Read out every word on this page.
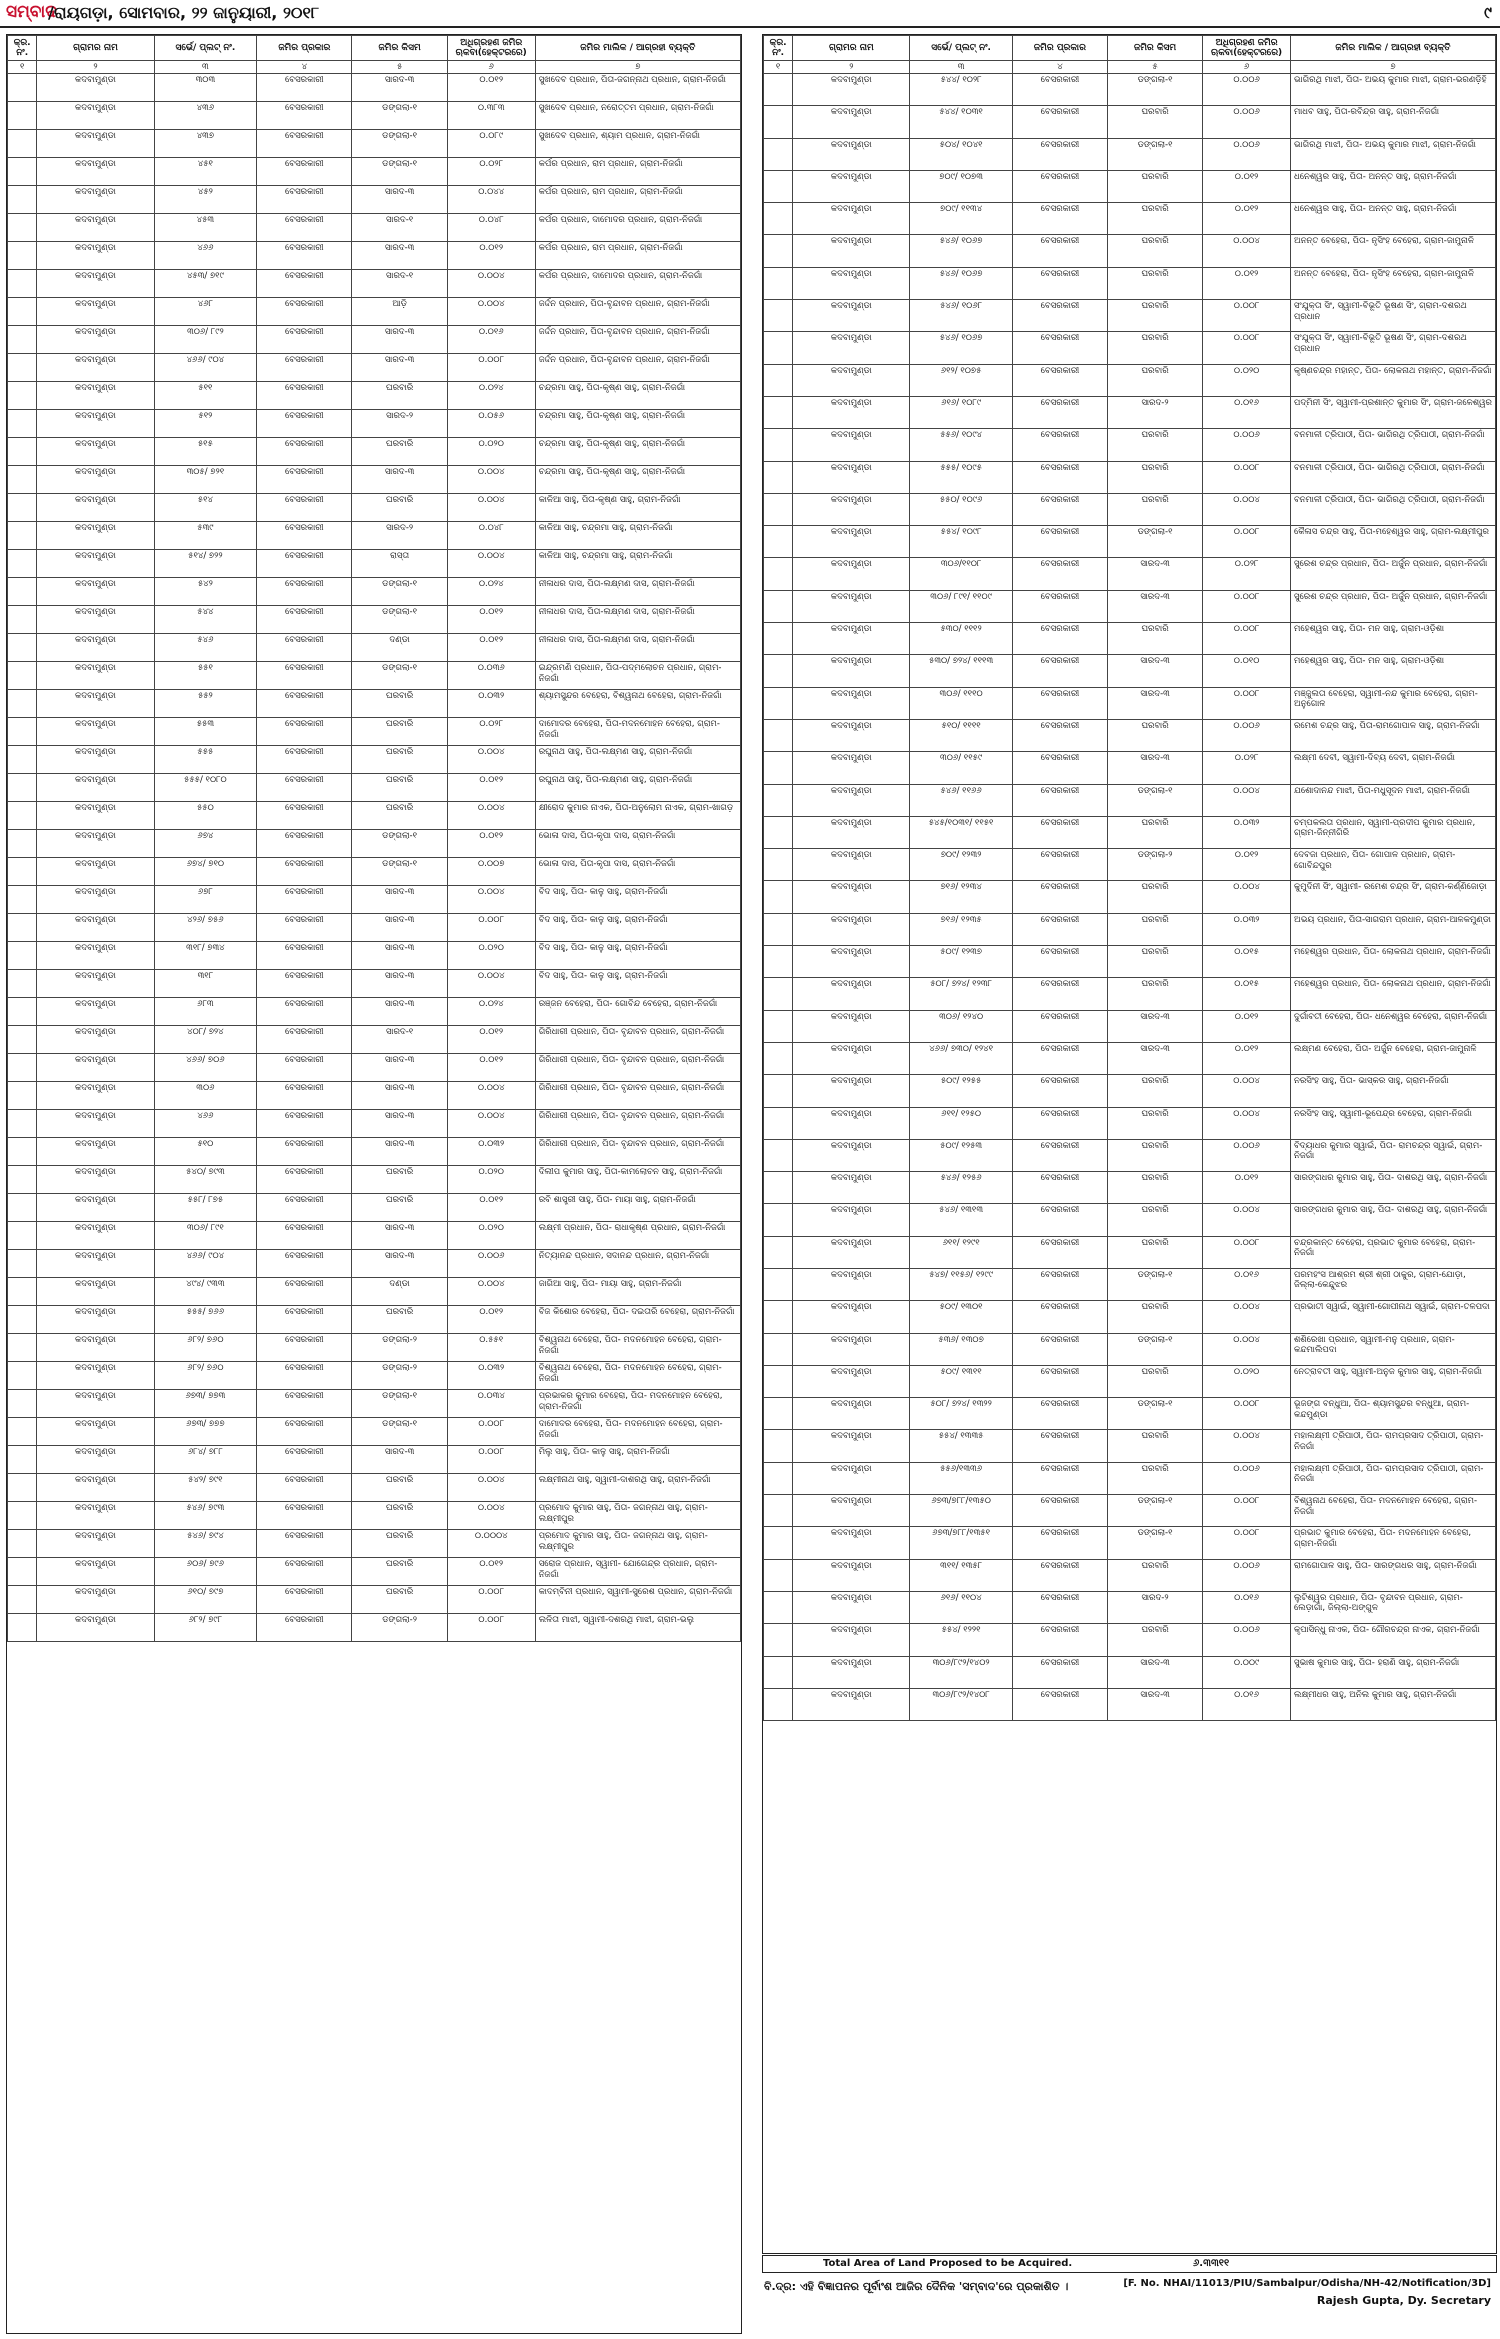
ସମ୍ବାଦ
/ରାୟଗଡ଼ା, ସୋମବାର, ୨୨ ଜାନୁୟାରୀ, ୨୦୧୮	୯
କ୍ର. ନଂ.	ଗ୍ରାମର ନାମ	ସର୍ଭେ/ ପ୍ଲଟ୍ ନଂ.	ଜମିର ପ୍ରକାର	ଜମିର କିସମ	ଅଧିଗ୍ରହଣ ଜମିର ଋକବା(ହେକ୍ଟରରେ)	ଜମିର ମାଲିକ / ଆଗ୍ରହୀ ବ୍ୟକ୍ତି
୧	୨	୩	୪	୫	୬	୭
	କଦବାମୁଣ୍ଡା	୩୦୩	ବେସରକାରୀ	ସାରଦ-୩	୦.୦୧୨	ସୁଖଦେବ ପ୍ରଧାନ, ପିତା-ଜଗନ୍ନାଥ ପ୍ରଧାନ, ଗ୍ରାମ-ନିଜଗାଁ
	କଦବାମୁଣ୍ଡା	୪୩୬	ବେସରକାରୀ	ଡଙ୍ଗଲା-୧	୦.୩୮୩	ସୁଖଦେବ ପ୍ରଧାନ, ନରୋତ୍ତମ ପ୍ରଧାନ, ଗ୍ରାମ-ନିଜଗାଁ
	କଦବାମୁଣ୍ଡା	୪୩୭	ବେସରକାରୀ	ଡଙ୍ଗଲା-୧	୦.୦୮୯	ସୁଖଦେବ ପ୍ରଧାନ, ଶ୍ୟାମ ପ୍ରଧାନ, ଗ୍ରାମ-ନିଜଗାଁ
	କଦବାମୁଣ୍ଡା	୪୫୧	ବେସରକାରୀ	ଡଙ୍ଗଲା-୧	୦.୦୨୮	କର୍ପର ପ୍ରଧାନ, ରାମ ପ୍ରଧାନ, ଗ୍ରାମ-ନିଜଗାଁ
	କଦବାମୁଣ୍ଡା	୪୫୨	ବେସରକାରୀ	ସାରଦ-୩	୦.୦୪୪	କର୍ପର ପ୍ରଧାନ, ରାମ ପ୍ରଧାନ, ଗ୍ରାମ-ନିଜଗାଁ
	କଦବାମୁଣ୍ଡା	୪୫୩	ବେସରକାରୀ	ସାରଦ-୧	୦.୦୪୮	କର୍ପର ପ୍ରଧାନ, ଦାମୋଦର ପ୍ରଧାନ, ଗ୍ରାମ-ନିଜଗାଁ
	କଦବାମୁଣ୍ଡା	୪୬୬	ବେସରକାରୀ	ସାରଦ-୩	୦.୦୧୨	କର୍ପର ପ୍ରଧାନ, ରାମ ପ୍ରଧାନ, ଗ୍ରାମ-ନିଜଗାଁ
	କଦବାମୁଣ୍ଡା	୪୫୩/ ୭୧୯	ବେସରକାରୀ	ସାରଦ-୧	୦.୦୦୪	କର୍ପର ପ୍ରଧାନ, ଦାମୋଦର ପ୍ରଧାନ, ଗ୍ରାମ-ନିଜଗାଁ
	କଦବାମୁଣ୍ଡା	୪୬୮	ବେସରକାରୀ	ଆଡ଼ି	୦.୦୦୪	ଜର୍ଦ୍ଦନ ପ୍ରଧାନ, ପିତା-ବୃନ୍ଦାବନ ପ୍ରଧାନ, ଗ୍ରାମ-ନିଜଗାଁ
	କଦବାମୁଣ୍ଡା	୩୦୬/ ୮୯୨	ବେସରକାରୀ	ସାରଦ-୩	୦.୦୧୬	ଜର୍ଦ୍ଦନ ପ୍ରଧାନ, ପିତା-ବୃନ୍ଦାବନ ପ୍ରଧାନ, ଗ୍ରାମ-ନିଜଗାଁ
	କଦବାମୁଣ୍ଡା	୪୬୬/ ୯୦୪	ବେସରକାରୀ	ସାରଦ-୩	୦.୦୦୮	ଜର୍ଦ୍ଦନ ପ୍ରଧାନ, ପିତା-ବୃନ୍ଦାବନ ପ୍ରଧାନ, ଗ୍ରାମ-ନିଜଗାଁ
	କଦବାମୁଣ୍ଡା	୫୧୧	ବେସରକାରୀ	ଘରବାରି	୦.୦୨୪	ଚନ୍ଦ୍ରମା ସାହୁ, ପିତା-କୃଷ୍ଣ ସାହୁ, ଗ୍ରାମ-ନିଜଗାଁ
	କଦବାମୁଣ୍ଡା	୫୧୨	ବେସରକାରୀ	ସାରଦ-୨	୦.୦୫୬	ଚନ୍ଦ୍ରମା ସାହୁ, ପିତା-କୃଷ୍ଣ ସାହୁ, ଗ୍ରାମ-ନିଜଗାଁ
	କଦବାମୁଣ୍ଡା	୫୧୫	ବେସରକାରୀ	ଘରବାରି	୦.୦୨୦	ଚନ୍ଦ୍ରମା ସାହୁ, ପିତା-କୃଷ୍ଣ ସାହୁ, ଗ୍ରାମ-ନିଜଗାଁ
	କଦବାମୁଣ୍ଡା	୩୦୫/ ୭୨୧	ବେସରକାରୀ	ସାରଦ-୩	୦.୦୦୪	ଚନ୍ଦ୍ରମା ସାହୁ, ପିତା-କୃଷ୍ଣ ସାହୁ, ଗ୍ରାମ-ନିଜଗାଁ
	କଦବାମୁଣ୍ଡା	୫୧୪	ବେସରକାରୀ	ଘରବାରି	୦.୦୦୪	କାଳିଆ ସାହୁ, ପିତା-କୃଷ୍ଣ ସାହୁ, ଗ୍ରାମ-ନିଜଗାଁ
	କଦବାମୁଣ୍ଡା	୫୩୯	ବେସରକାରୀ	ସାରଦ-୨	୦.୦୪୮	କାଳିଆ ସାହୁ, ଚନ୍ଦ୍ରମା ସାହୁ, ଗ୍ରାମ-ନିଜଗାଁ
	କଦବାମୁଣ୍ଡା	୫୧୪/ ୭୨୨	ବେସରକାରୀ	ରାସ୍ତା	୦.୦୦୪	କାଳିଆ ସାହୁ, ଚନ୍ଦ୍ରମା ସାହୁ, ଗ୍ରାମ-ନିଜଗାଁ
	କଦବାମୁଣ୍ଡା	୫୪୨	ବେସରକାରୀ	ଡଙ୍ଗଲା-୧	୦.୦୨୪	ନୀଳାଧର ଦାସ, ପିତା-ଲକ୍ଷ୍ମଣ ଦାସ, ଗ୍ରାମ-ନିଜଗାଁ
	କଦବାମୁଣ୍ଡା	୫୪୪	ବେସରକାରୀ	ଡଙ୍ଗଲା-୧	୦.୦୧୨	ନୀଳାଧର ଦାସ, ପିତା-ଲକ୍ଷ୍ମଣ ଦାସ, ଗ୍ରାମ-ନିଜଗାଁ
	କଦବାମୁଣ୍ଡା	୫୪୬	ବେସରକାରୀ	ଦଣ୍ଡା	୦.୦୧୨	ନୀଳାଧର ଦାସ, ପିତା-ଲକ୍ଷ୍ମଣ ଦାସ, ଗ୍ରାମ-ନିଜଗାଁ
	କଦବାମୁଣ୍ଡା	୫୫୧	ବେସରକାରୀ	ଡଙ୍ଗଲା-୧	୦.୦୩୬	ଇନ୍ଦ୍ରମଣି ପ୍ରଧାନ, ପିତା-ପଦ୍ମଲୋଚନ ପ୍ରଧାନ, ଗ୍ରାମ-ନିଜଗାଁ
	କଦବାମୁଣ୍ଡା	୫୫୨	ବେସରକାରୀ	ଘରବାରି	୦.୦୩୨	ଶ୍ୟାମସୁନ୍ଦର ବେହେରା, ବିଶ୍ୱନାଥ ବେହେରା, ଗ୍ରାମ-ନିଜଗାଁ
	କଦବାମୁଣ୍ଡା	୫୫୩	ବେସରକାରୀ	ଘରବାରି	୦.୦୨୮	ଦାମୋଦର ବେହେରା, ପିତା-ମଦନମୋହନ ବେହେରା, ଗ୍ରାମ-ନିଜଗାଁ
	କଦବାମୁଣ୍ଡା	୫୫୫	ବେସରକାରୀ	ଘରବାରି	୦.୦୦୪	ରଘୁନାଥ ସାହୁ, ପିତା-ଲକ୍ଷ୍ମଣ ସାହୁ, ଗ୍ରାମ-ନିଜଗାଁ
	କଦବାମୁଣ୍ଡା	୫୫୫/ ୧୦୮୦	ବେସରକାରୀ	ଘରବାରି	୦.୦୧୨	ରଘୁନାଥ ସାହୁ, ପିତା-ଲକ୍ଷ୍ମଣ ସାହୁ, ଗ୍ରାମ-ନିଜଗାଁ
	କଦବାମୁଣ୍ଡା	୫୫୦	ବେସରକାରୀ	ଘରବାରି	୦.୦୦୪	କ୍ଷୀରୋଦ କୁମାର ନାଏକ, ପିତା-ଅନୁଲୋମ ନାଏକ, ଗ୍ରାମ-ଖାଗଡ଼
	କଦବାମୁଣ୍ଡା	୬୭୪	ବେସରକାରୀ	ଡଙ୍ଗଲା-୧	୦.୦୧୨	ଭୋଳା ଦାସ, ପିତା-କୃପା ଦାସ, ଗ୍ରାମ-ନିଜଗାଁ
	କଦବାମୁଣ୍ଡା	୬୭୪/ ୭୧୦	ବେସରକାରୀ	ଡଙ୍ଗଲା-୧	୦.୦୦୭	ଭୋଳା ଦାସ, ପିତା-କୃପା ଦାସ, ଗ୍ରାମ-ନିଜଗାଁ
	କଦବାମୁଣ୍ଡା	୬୭୮	ବେସରକାରୀ	ସାରଦ-୩	୦.୦୦୪	ବିଦ ସାହୁ, ପିତା- କାଳୁ ସାହୁ, ଗ୍ରାମ-ନିଜଗାଁ
	କଦବାମୁଣ୍ଡା	୪୨୬/ ୭୫୬	ବେସରକାରୀ	ସାରଦ-୩	୦.୦୦୮	ବିଦ ସାହୁ, ପିତା- କାଳୁ ସାହୁ, ଗ୍ରାମ-ନିଜଗାଁ
	କଦବାମୁଣ୍ଡା	୩୧୮/ ୭୩୪	ବେସରକାରୀ	ସାରଦ-୩	୦.୦୨୦	ବିଦ ସାହୁ, ପିତା- କାଳୁ ସାହୁ, ଗ୍ରାମ-ନିଜଗାଁ
	କଦବାମୁଣ୍ଡା	୩୧୮	ବେସରକାରୀ	ସାରଦ-୩	୦.୦୦୪	ବିଦ ସାହୁ, ପିତା- କାଳୁ ସାହୁ, ଗ୍ରାମ-ନିଜଗାଁ
	କଦବାମୁଣ୍ଡା	୬୮୩	ବେସରକାରୀ	ସାରଦ-୩	୦.୦୨୪	ରଞ୍ଜନ ବେହେରା, ପିତା- ଗୋବିନ୍ଦ ବେହେରା, ଗ୍ରାମ-ନିଜଗାଁ
	କଦବାମୁଣ୍ଡା	୪୦୮/ ୭୨୪	ବେସରକାରୀ	ସାରଦ-୧	୦.୦୧୨	ଗିରିଧାରୀ ପ୍ରଧାନ, ପିତା- ବୃନ୍ଦାବନ ପ୍ରଧାନ, ଗ୍ରାମ-ନିଜଗାଁ
	କଦବାମୁଣ୍ଡା	୪୬୬/ ୭୦୬	ବେସରକାରୀ	ସାରଦ-୩	୦.୦୧୨	ଗିରିଧାରୀ ପ୍ରଧାନ, ପିତା- ବୃନ୍ଦାବନ ପ୍ରଧାନ, ଗ୍ରାମ-ନିଜଗାଁ
	କଦବାମୁଣ୍ଡା	୩୦୬	ବେସରକାରୀ	ସାରଦ-୩	୦.୦୦୪	ଗିରିଧାରୀ ପ୍ରଧାନ, ପିତା- ବୃନ୍ଦାବନ ପ୍ରଧାନ, ଗ୍ରାମ-ନିଜଗାଁ
	କଦବାମୁଣ୍ଡା	୪୬୬	ବେସରକାରୀ	ସାରଦ-୩	୦.୦୦୪	ଗିରିଧାରୀ ପ୍ରଧାନ, ପିତା- ବୃନ୍ଦାବନ ପ୍ରଧାନ, ଗ୍ରାମ-ନିଜଗାଁ
	କଦବାମୁଣ୍ଡା	୫୧୦	ବେସରକାରୀ	ସାରଦ-୩	୦.୦୩୨	ଗିରିଧାରୀ ପ୍ରଧାନ, ପିତା- ବୃନ୍ଦାବନ ପ୍ରଧାନ, ଗ୍ରାମ-ନିଜଗାଁ
	କଦବାମୁଣ୍ଡା	୫୪୦/ ୭୯୩	ବେସରକାରୀ	ଘରବାରି	୦.୦୨୦	ଦିଲୀପ କୁମାର ସାହୁ, ପିତା-କାମଲୋଚନ ସାହୁ, ଗ୍ରାମ-ନିଜଗାଁ
	କଦବାମୁଣ୍ଡା	୫୫୮/ ୮୭୫	ବେସରକାରୀ	ଘରବାରି	୦.୦୧୨	ରବି ଶାସ୍ତ୍ରୀ ସାହୁ, ପିତା- ମାୟା ସାହୁ, ଗ୍ରାମ-ନିଜଗାଁ
	କଦବାମୁଣ୍ଡା	୩୦୬/ ୮୯୧	ବେସରକାରୀ	ସାରଦ-୩	୦.୦୨୦	ଲକ୍ଷ୍ମୀ ପ୍ରଧାନ, ପିତା- ରାଧାକୃଷ୍ଣ ପ୍ରଧାନ, ଗ୍ରାମ-ନିଜଗାଁ
	କଦବାମୁଣ୍ଡା	୪୬୬/ ୯୦୪	ବେସରକାରୀ	ସାରଦ-୩	୦.୦୦୬	ନିତ୍ୟାନନ୍ଦ ପ୍ରଧାନ, ସଦାନନ୍ଦ ପ୍ରଧାନ, ଗ୍ରାମ-ନିଜଗାଁ
	କଦବାମୁଣ୍ଡା	୪୯୪/ ୯୩୩	ବେସରକାରୀ	ଦଣ୍ଡା	୦.୦୦୪	ଜାଗିଆ ସାହୁ, ପିତା- ମାୟା ସାହୁ, ଗ୍ରାମ-ନିଜଗାଁ
	କଦବାମୁଣ୍ଡା	୫୫୫/ ୭୬୬	ବେସରକାରୀ	ଘରବାରି	୦.୦୧୨	ବିଜ କିଶୋର ବେହେରା, ପିତା- ଦଇତାରି ବେହେରା, ଗ୍ରାମ-ନିଜଗାଁ
	କଦବାମୁଣ୍ଡା	୬୮୨/ ୭୬୦	ବେସରକାରୀ	ଡଙ୍ଗଲା-୨	୦.୫୫୧	ବିଶ୍ୱନାଥ ବେହେରା, ପିତା- ମଦନମୋହନ ବେହେରା, ଗ୍ରାମ-ନିଜଗାଁ
	କଦବାମୁଣ୍ଡା	୬୮୨/ ୭୬୦	ବେସରକାରୀ	ଡଙ୍ଗଲା-୨	୦.୦୩୨	ବିଶ୍ୱନାଥ ବେହେରା, ପିତା- ମଦନମୋହନ ବେହେରା, ଗ୍ରାମ-ନିଜଗାଁ
	କଦବାମୁଣ୍ଡା	୬୭୩/ ୭୭୩	ବେସରକାରୀ	ଡଙ୍ଗଲା-୧	୦.୦୩୪	ପ୍ରଭାକର କୁମାର ବେହେରା, ପିତା- ମଦନମୋହନ ବେହେରା, ଗ୍ରାମ-ନିଜଗାଁ
	କଦବାମୁଣ୍ଡା	୬୭୩/ ୭୭୭	ବେସରକାରୀ	ଡଙ୍ଗଲା-୧	୦.୦୦୮	ଦାମୋଦର ବେହେରା, ପିତା- ମଦନମୋହନ ବେହେରା, ଗ୍ରାମ-ନିଜଗାଁ
	କଦବାମୁଣ୍ଡା	୬୮୪/ ୭୮୮	ବେସରକାରୀ	ସାରଦ-୩	୦.୦୦୮	ମିଲୁ ସାହୁ, ପିତା- କାଳୁ ସାହୁ, ଗ୍ରାମ-ନିଜଗାଁ
	କଦବାମୁଣ୍ଡା	୫୪୨/ ୭୯୧	ବେସରକାରୀ	ଘରବାରି	୦.୦୦୪	ଲକ୍ଷ୍ମୀନାଥ ସାହୁ, ସ୍ୱାମୀ-ଦାଶରଥି ସାହୁ, ଗ୍ରାମ-ନିଜଗାଁ
	କଦବାମୁଣ୍ଡା	୫୪୬/ ୭୯୩	ବେସରକାରୀ	ଘରବାରି	୦.୦୦୪	ପ୍ରମୋଦ କୁମାର ସାହୁ, ପିତା- ଜଗନ୍ନାଥ ସାହୁ, ଗ୍ରାମ-ଲକ୍ଷ୍ମୀପୁର
	କଦବାମୁଣ୍ଡା	୫୪୬/ ୭୯୪	ବେସରକାରୀ	ଘରବାରି	୦.୦୦୦୪	ପ୍ରମୋଦ କୁମାର ସାହୁ, ପିତା- ଜଗନ୍ନାଥ ସାହୁ, ଗ୍ରାମ-ଲକ୍ଷ୍ମୀପୁର
	କଦବାମୁଣ୍ଡା	୬୦୬/ ୭୯୬	ବେସରକାରୀ	ଘରବାରି	୦.୦୧୨	ସରୋଜ ପ୍ରଧାନ, ସ୍ୱାମୀ- ଯୋଗେନ୍ଦ୍ର ପ୍ରଧାନ, ଗ୍ରାମ-ନିଜଗାଁ
	କଦବାମୁଣ୍ଡା	୬୧୦/ ୭୯୭	ବେସରକାରୀ	ଘରବାରି	୦.୦୦୮	କାଦମ୍ବିନୀ ପ୍ରଧାନ, ସ୍ୱାମୀ-ସୁରେଶ ପ୍ରଧାନ, ଗ୍ରାମ-ନିଜଗାଁ
	କଦବାମୁଣ୍ଡା	୬୮୨/ ୭୯୮	ବେସରକାରୀ	ଡଙ୍ଗଲା-୨	୦.୦୦୮	ଲଳିତା ମାଝୀ, ସ୍ୱାମୀ-ଦଶରଥି ମାଝୀ, ଗ୍ରାମ-ଭଲୁ
କ୍ର. ନଂ.	ଗ୍ରାମର ନାମ	ସର୍ଭେ/ ପ୍ଲଟ୍ ନଂ.	ଜମିର ପ୍ରକାର	ଜମିର କିସମ	ଅଧିଗ୍ରହଣ ଜମିର ଋକବା(ହେକ୍ଟରରେ)	ଜମିର ମାଲିକ / ଆଗ୍ରହୀ ବ୍ୟକ୍ତି
୧	୨	୩	୪	୫	୬	୭
	କଦବାମୁଣ୍ଡା	୫୪୪/ ୧୦୨୮	ବେସରକାରୀ	ଡଙ୍ଗଲା-୧	୦.୦୦୬	ଭାଗିରଥି ମାଝୀ, ପିତା- ଅଭୟ କୁମାର ମାଝୀ, ଗ୍ରାମ-ଭରଣଡ଼ିହି
	କଦବାମୁଣ୍ଡା	୫୪୪/ ୧୦୩୧	ବେସରକାରୀ	ଘରବାରି	୦.୦୦୬	ମାଧବ ସାହୁ, ପିତା-ରବିନ୍ଦ୍ର ସାହୁ, ଗ୍ରାମ-ନିଜଗାଁ
	କଦବାମୁଣ୍ଡା	୫୦୪/ ୧୦୪୧	ବେସରକାରୀ	ଡଙ୍ଗଲା-୧	୦.୦୦୬	ଭାଗିରଥି ମାଝୀ, ପିତା- ଅଭୟ କୁମାର ମାଝୀ, ଗ୍ରାମ-ନିଜଗାଁ
	କଦବାମୁଣ୍ଡା	୭୦୯/ ୧୦୭୩	ବେସରକାରୀ	ଘରବାରି	୦.୦୧୨	ଧନେଶ୍ୱର ସାହୁ, ପିତା- ଅନନ୍ତ ସାହୁ, ଗ୍ରାମ-ନିଜଗାଁ
	କଦବାମୁଣ୍ଡା	୭୦୯/ ୧୧୩୪	ବେସରକାରୀ	ଘରବାରି	୦.୦୧୨	ଧନେଶ୍ୱର ସାହୁ, ପିତା- ଅନନ୍ତ ସାହୁ, ଗ୍ରାମ-ନିଜଗାଁ
	କଦବାମୁଣ୍ଡା	୫୪୬/ ୧୦୬୭	ବେସରକାରୀ	ଘରବାରି	୦.୦୦୪	ଅନନ୍ତ ବେହେରା, ପିତା- ନୃସିଂହ ବେହେରା, ଗ୍ରାମ-ଜାମୁନାଳି
	କଦବାମୁଣ୍ଡା	୫୪୬/ ୧୦୬୭	ବେସରକାରୀ	ଘରବାରି	୦.୦୧୨	ଅନନ୍ତ ବେହେରା, ପିତା- ନୃସିଂହ ବେହେରା, ଗ୍ରାମ-ଜାମୁନାଳି
	କଦବାମୁଣ୍ଡା	୫୪୬/ ୧୦୬୮	ବେସରକାରୀ	ଘରବାରି	୦.୦୦୮	ସଂଯୁକ୍ତା ସିଂ, ସ୍ୱାମୀ-ବିଭୂତି ଭୂଷଣ ସିଂ, ଗ୍ରାମ-ଦଶରଥ ପ୍ରଧାନ
	କଦବାମୁଣ୍ଡା	୫୪୬/ ୧୦୬୭	ବେସରକାରୀ	ଘରବାରି	୦.୦୦୮	ସଂଯୁକ୍ତା ସିଂ, ସ୍ୱାମୀ-ବିଭୂତି ଭୂଷଣ ସିଂ, ଗ୍ରାମ-ଦଶରଥ ପ୍ରଧାନ
	କଦବାମୁଣ୍ଡା	୬୧୨/ ୧୦୭୫	ବେସରକାରୀ	ଘରବାରି	୦.୦୨୦	କୃଷ୍ଣଚନ୍ଦ୍ର ମହାନ୍ତ, ପିତା- ଲୋକନାଥ ମହାନ୍ତ, ଗ୍ରାମ-ନିଜଗାଁ
	କଦବାମୁଣ୍ଡା	୬୧୬/ ୧୦୮୯	ବେସରକାରୀ	ସାରଦ-୨	୦.୦୧୬	ପଦ୍ମିନୀ ସିଂ, ସ୍ୱାମୀ-ପ୍ରଶାନ୍ତ କୁମାର ସିଂ, ଗ୍ରାମ-ଜଳେଶ୍ୱର
	କଦବାମୁଣ୍ଡା	୫୫୬/ ୧୦୯୪	ବେସରକାରୀ	ଘରବାରି	୦.୦୦୬	ବନମାଳୀ ତ୍ରିପାଠୀ, ପିତା- ଭାଗିରଥି ତ୍ରିପାଠୀ, ଗ୍ରାମ-ନିଜଗାଁ
	କଦବାମୁଣ୍ଡା	୫୫୫/ ୧୦୯୫	ବେସରକାରୀ	ଘରବାରି	୦.୦୦୮	ବନମାଳୀ ତ୍ରିପାଠୀ, ପିତା- ଭାଗିରଥି ତ୍ରିପାଠୀ, ଗ୍ରାମ-ନିଜଗାଁ
	କଦବାମୁଣ୍ଡା	୫୫୦/ ୧୦୯୬	ବେସରକାରୀ	ଘରବାରି	୦.୦୦୪	ବନମାଳୀ ତ୍ରିପାଠୀ, ପିତା- ଭାଗିରଥି ତ୍ରିପାଠୀ, ଗ୍ରାମ-ନିଜଗାଁ
	କଦବାମୁଣ୍ଡା	୫୫୪/ ୧୦୯୮	ବେସରକାରୀ	ଡଙ୍ଗଲା-୧	୦.୦୦୮	କୈଳାସ ଚନ୍ଦ୍ର ସାହୁ, ପିତା-ମହେଶ୍ୱର ସାହୁ, ଗ୍ରାମ-ଲକ୍ଷ୍ମୀପୁର
	କଦବାମୁଣ୍ଡା	୩୦୬/୧୧୦୮	ବେସରକାରୀ	ସାରଦ-୩	୦.୦୨୮	ସୁରେଶ ଚନ୍ଦ୍ର ପ୍ରଧାନ, ପିତା- ଅର୍ଜୁନ ପ୍ରଧାନ, ଗ୍ରାମ-ନିଜଗାଁ
	କଦବାମୁଣ୍ଡା	୩୦୬/ ୮୯୧/ ୧୧୦୯	ବେସରକାରୀ	ସାରଦ-୩	୦.୦୦୮	ସୁରେଶ ଚନ୍ଦ୍ର ପ୍ରଧାନ, ପିତା- ଅର୍ଜୁନ ପ୍ରଧାନ, ଗ୍ରାମ-ନିଜଗାଁ
	କଦବାମୁଣ୍ଡା	୫୩୦/ ୧୧୧୨	ବେସରକାରୀ	ଘରବାରି	୦.୦୦୮	ମହେଶ୍ୱର ସାହୁ, ପିତା- ମନ ସାହୁ, ଗ୍ରାମ-ଓଡ଼ିଶା
	କଦବାମୁଣ୍ଡା	୫୩୦/ ୭୨୪/ ୧୧୧୩	ବେସରକାରୀ	ସାରଦ-୩	୦.୦୧୦	ମହେଶ୍ୱର ସାହୁ, ପିତା- ମନ ସାହୁ, ଗ୍ରାମ-ଓଡ଼ିଶା
	କଦବାମୁଣ୍ଡା	୩୦୬/ ୧୧୧୦	ବେସରକାରୀ	ସାରଦ-୩	୦.୦୦୮	ମଞ୍ଜୁଲତା ବେହେରା, ସ୍ୱାମୀ-ନନ୍ଦ କୁମାର ବେହେରା, ଗ୍ରାମ-ଅନୁଗୋଳ
	କଦବାମୁଣ୍ଡା	୫୧୦/ ୧୧୧୧	ବେସରକାରୀ	ଘରବାରି	୦.୦୦୬	ରମେଶ ଚନ୍ଦ୍ର ସାହୁ, ପିତା-ରାମଗୋପାଳ ସାହୁ, ଗ୍ରାମ-ନିଜଗାଁ
	କଦବାମୁଣ୍ଡା	୩୦୬/ ୧୧୫୯	ବେସରକାରୀ	ସାରଦ-୩	୦.୦୨୮	ଲକ୍ଷ୍ମୀ ଦେବୀ, ସ୍ୱାମୀ-ଦିବ୍ୟ ଦେବୀ, ଗ୍ରାମ-ନିଜଗାଁ
	କଦବାମୁଣ୍ଡା	୫୪୬/ ୧୧୬୬	ବେସରକାରୀ	ଡଙ୍ଗଲା-୧	୦.୦୦୪	ଯଶୋଦାନନ୍ଦ ମାଝୀ, ପିତା-ମଧୁସୂଦନ ମାଝୀ, ଗ୍ରାମ-ନିଜଗାଁ
	କଦବାମୁଣ୍ଡା	୫୪୫/୧୦୩୧/ ୧୧୫୧	ବେସରକାରୀ	ଘରବାରି	୦.୦୩୨	ଚମ୍ପକଲତା ପ୍ରଧାନ, ସ୍ୱାମୀ-ପ୍ରଦୀପ କୁମାର ପ୍ରଧାନ, ଗ୍ରାମ-ଜିନ୍ନୀଗିରି
	କଦବାମୁଣ୍ଡା	୭୦୯/ ୧୨୩୨	ବେସରକାରୀ	ଡଙ୍ଗଲା-୨	୦.୦୧୨	ଦେବଜା ପ୍ରଧାନ, ପିତା- ଗୋପାଳ ପ୍ରଧାନ, ଗ୍ରାମ-ଗୋବିନ୍ଦପୁର
	କଦବାମୁଣ୍ଡା	୭୧୬/ ୧୨୩୪	ବେସରକାରୀ	ଘରବାରି	୦.୦୦୪	କୁମୁଦିନୀ ସିଂ, ସ୍ୱାମୀ- ରମେଶ ଚନ୍ଦ୍ର ସିଂ, ଗ୍ରାମ-କର୍ଣ୍ଣିଜୋଡ଼ା
	କଦବାମୁଣ୍ଡା	୭୧୬/ ୧୨୩୫	ବେସରକାରୀ	ଘରବାରି	୦.୦୩୨	ଅଭୟ ପ୍ରଧାନ, ପିତା-ସାଗରାମ ପ୍ରଧାନ, ଗ୍ରାମ-ଆଳକମୁଣ୍ଡା
	କଦବାମୁଣ୍ଡା	୫୦୯/ ୧୨୩୭	ବେସରକାରୀ	ଘରବାରି	୦.୦୧୫	ମହେଶ୍ୱର ପ୍ରଧାନ, ପିତା- ଲୋକନାଥ ପ୍ରଧାନ, ଗ୍ରାମ-ନିଜଗାଁ
	କଦବାମୁଣ୍ଡା	୫୦୮/ ୭୨୪/ ୧୨୩୮	ବେସରକାରୀ	ଘରବାରି	୦.୦୧୫	ମହେଶ୍ୱର ପ୍ରଧାନ, ପିତା- ଲୋକନାଥ ପ୍ରଧାନ, ଗ୍ରାମ-ନିଜଗାଁ
	କଦବାମୁଣ୍ଡା	୩୦୬/ ୧୨୪୦	ବେସରକାରୀ	ସାରଦ-୩	୦.୦୧୨	ଦୁର୍ଗାବତୀ ବେହେରା, ପିତା- ଧନେଶ୍ୱର ବେହେରା, ଗ୍ରାମ-ନିଜଗାଁ
	କଦବାମୁଣ୍ଡା	୪୬୬/ ୭୩୦/ ୧୨୪୧	ବେସରକାରୀ	ସାରଦ-୩	୦.୦୧୨	ଲକ୍ଷ୍ମଣ ବେହେରା, ପିତା- ଅର୍ଜୁନ ବେହେରା, ଗ୍ରାମ-ଜାମୁନାଳି
	କଦବାମୁଣ୍ଡା	୫୦୯/ ୧୨୫୫	ବେସରକାରୀ	ଘରବାରି	୦.୦୦୪	ନରସିଂହ ସାହୁ, ପିତା- ଭାସ୍କର ସାହୁ, ଗ୍ରାମ-ନିଜଗାଁ
	କଦବାମୁଣ୍ଡା	୬୧୧/ ୧୨୫୦	ବେସରକାରୀ	ଘରବାରି	୦.୦୦୪	ନରସିଂହ ସାହୁ, ସ୍ୱାମୀ-ଭୂପେନ୍ଦ୍ର ବେହେରା, ଗ୍ରାମ-ନିଜଗାଁ
	କଦବାମୁଣ୍ଡା	୫୦୯/ ୧୨୫୩	ବେସରକାରୀ	ଘରବାରି	୦.୦୦୬	ବିଦ୍ୟାଧର କୁମାର ସ୍ୱାଇଁ, ପିତା- ରାମଚନ୍ଦ୍ର ସ୍ୱାଇଁ, ଗ୍ରାମ-ନିଜଗାଁ
	କଦବାମୁଣ୍ଡା	୫୪୬/ ୧୨୫୬	ବେସରକାରୀ	ଘରବାରି	୦.୦୧୨	ସାରଙ୍ଗଧର କୁମାର ସାହୁ, ପିତା- ଦାଶରଥି ସାହୁ, ଗ୍ରାମ-ନିଜଗାଁ
	କଦବାମୁଣ୍ଡା	୫୪୬/ ୧୩୧୩	ବେସରକାରୀ	ଘରବାରି	୦.୦୦୪	ସାରଙ୍ଗଧର କୁମାର ସାହୁ, ପିତା- ଦାଶରଥି ସାହୁ, ଗ୍ରାମ-ନିଜଗାଁ
	କଦବାମୁଣ୍ଡା	୬୧୧/ ୧୨୯୧	ବେସରକାରୀ	ଘରବାରି	୦.୦୦୮	ଚନ୍ଦ୍ରକାନ୍ତ ବେହେରା, ପ୍ରଭାତ କୁମାର ବେହେରା, ଗ୍ରାମ-ନିଜଗାଁ
	କଦବାମୁଣ୍ଡା	୫୪୭/ ୧୧୫୬/ ୧୨୯୯	ବେସରକାରୀ	ଡଙ୍ଗଲା-୧	୦.୦୧୬	ପରମହଂସ ଆଶ୍ରମ ଶ୍ରୀ ଶ୍ରୀ ଠାକୁର, ଗ୍ରାମ-ଯୋଡ଼ା, ଜିଲ୍ଲା-କେନ୍ଦୁଝର
	କଦବାମୁଣ୍ଡା	୫୦୯/ ୧୩୦୧	ବେସରକାରୀ	ଘରବାରି	୦.୦୦୪	ପ୍ରଭାତୀ ସ୍ୱାଇଁ, ସ୍ୱାମୀ-ଗୋପୀନାଥ ସ୍ୱାଇଁ, ଗ୍ରାମ-ତଳପଦା
	କଦବାମୁଣ୍ଡା	୫୩୬/ ୧୩୦୭	ବେସରକାରୀ	ଡଙ୍ଗଲା-୧	୦.୦୦୪	ଶଶିରେଖା ପ୍ରଧାନ, ସ୍ୱାମୀ-ମନୁ ପ୍ରଧାନ, ଗ୍ରାମ-କନ୍ଦମାଲିପଦା
	କଦବାମୁଣ୍ଡା	୫୦୯/ ୧୩୧୧	ବେସରକାରୀ	ଘରବାରି	୦.୦୨୦	ନେତ୍ରାବତୀ ସାହୁ, ସ୍ୱାମୀ-ଅନୁଜ କୁମାର ସାହୁ, ଗ୍ରାମ-ନିଜଗାଁ
	କଦବାମୁଣ୍ଡା	୫୦୮/ ୭୨୪/ ୧୩୨୨	ବେସରକାରୀ	ଡଙ୍ଗଲା-୧	୦.୦୦୮	ଭୂଜଙ୍ଗ ବନ୍ଧୁଆ, ପିତା- ଶ୍ୟାମସୁନ୍ଦର ବନ୍ଧୁଆ, ଗ୍ରାମ-କନ୍ଦମୁଣ୍ଡା
	କଦବାମୁଣ୍ଡା	୫୫୪/ ୧୩୩୫	ବେସରକାରୀ	ଘରବାରି	୦.୦୦୪	ମହାଲକ୍ଷ୍ମୀ ତ୍ରିପାଠୀ, ପିତା- ରାମପ୍ରସାଦ ତ୍ରିପାଠୀ, ଗ୍ରାମ-ନିଜଗାଁ
	କଦବାମୁଣ୍ଡା	୫୫୬/୧୩୩୬	ବେସରକାରୀ	ଘରବାରି	୦.୦୦୬	ମହାଲକ୍ଷ୍ମୀ ତ୍ରିପାଠୀ, ପିତା- ରାମପ୍ରସାଦ ତ୍ରିପାଠୀ, ଗ୍ରାମ-ନିଜଗାଁ
	କଦବାମୁଣ୍ଡା	୬୭୩/୭୮୮/୧୩୫୦	ବେସରକାରୀ	ଡଙ୍ଗଲା-୧	୦.୦୦୮	ବିଶ୍ୱନାଥ ବେହେରା, ପିତା- ମଦନମୋହନ ବେହେରା, ଗ୍ରାମ-ନିଜଗାଁ
	କଦବାମୁଣ୍ଡା	୬୭୩/୭୮୮/୧୩୫୧	ବେସରକାରୀ	ଡଙ୍ଗଲା-୧	୦.୦୦୮	ପ୍ରଭାତ କୁମାର ବେହେରା, ପିତା- ମଦନମୋହନ ବେହେରା, ଗ୍ରାମ-ନିଜଗାଁ
	କଦବାମୁଣ୍ଡା	୩୧୧/ ୧୩୫୮	ବେସରକାରୀ	ଘରବାରି	୦.୦୦୬	ରାମଗୋପାଳ ସାହୁ, ପିତା- ସାରଙ୍ଗଧର ସାହୁ, ଗ୍ରାମ-ନିଜଗାଁ
	କଦବାମୁଣ୍ଡା	୬୧୬/ ୧୧୦୪	ବେସରକାରୀ	ସାରଦ-୨	୦.୦୧୬	ଲୁଟିଶ୍ୱର ପ୍ରଧାନ, ପିତା- ବୃନ୍ଦାବନ ପ୍ରଧାନ, ଗ୍ରାମ-ଲେଡ଼ାଗାଁ, ଜିଲ୍ଲା-ଅଙ୍ଗୁଳ
	କଦବାମୁଣ୍ଡା	୫୫୪/ ୧୨୨୧	ବେସରକାରୀ	ଘରବାରି	୦.୦୦୬	କୃପାସିନ୍ଧୁ ନାଏକ, ପିତା- ଗୌରଚନ୍ଦ୍ର ନାଏକ, ଗ୍ରାମ-ନିଜଗାଁ
	କଦବାମୁଣ୍ଡା	୩୦୬/୮୯୨/୧୪୦୨	ବେସରକାରୀ	ସାରଦ-୩	୦.୦୦୯	ସୁଭାଷ କୁମାର ସାହୁ, ପିତା- ହରାଣି ସାହୁ, ଗ୍ରାମ-ନିଜଗାଁ
	କଦବାମୁଣ୍ଡା	୩୦୬/୮୯୨/୧୪୦୮	ବେସରକାରୀ	ସାରଦ-୩	୦.୦୧୬	ଲକ୍ଷ୍ମୀଧର ସାହୁ, ଅନିଲ କୁମାର ସାହୁ, ଗ୍ରାମ-ନିଜଗାଁ
Total Area of Land Proposed to be Acquired.	୬.୩୩୧୧
ବି.ଦ୍ର: ଏହି ବିଜ୍ଞାପନର ପୂର୍ବାଂଶ ଆଜିର ଦୈନିକ 'ସମ୍ବାଦ'ରେ ପ୍ରକାଶିତ ।	[F. No. NHAI/11013/PIU/Sambalpur/Odisha/NH-42/Notification/3D]
Rajesh Gupta, Dy. Secretary
